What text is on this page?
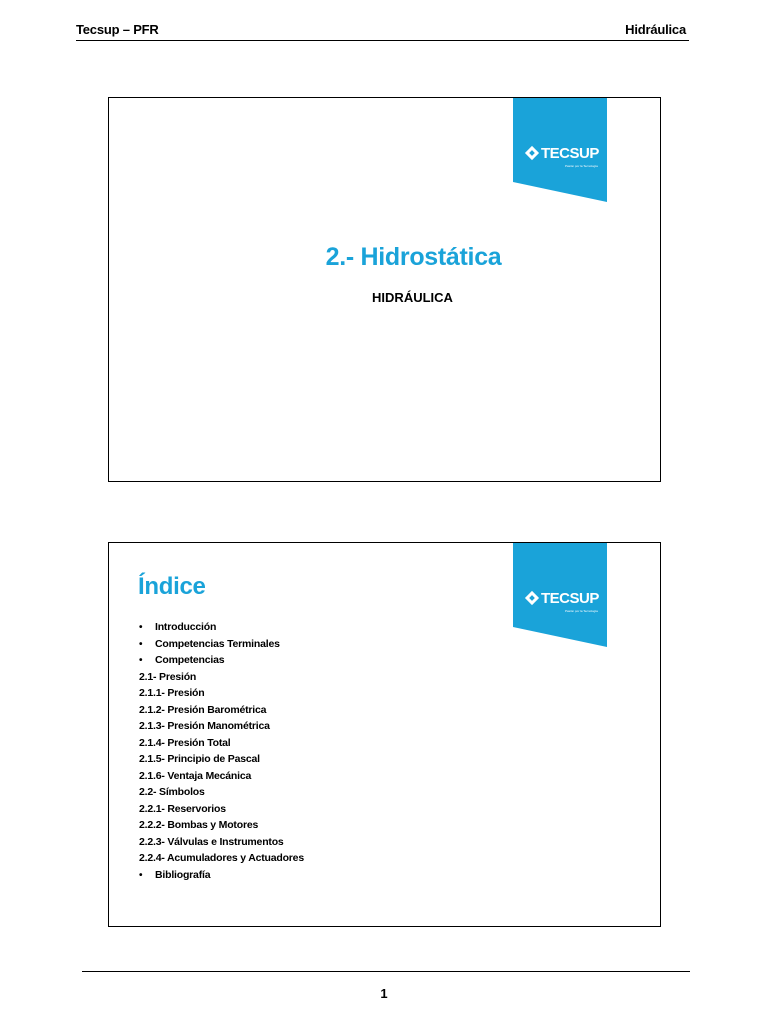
Tecsup – PFR	Hidráulica
TECSUP
Pasión por la Tecnología
2.- Hidrostática
HIDRÁULICA
TECSUP
Pasión por la Tecnología
Índice
• Introducción
• Competencias Terminales
• Competencias
2.1- Presión
2.1.1- Presión
2.1.2- Presión Barométrica
2.1.3- Presión Manométrica
2.1.4- Presión Total
2.1.5- Principio de Pascal
2.1.6- Ventaja Mecánica
2.2- Símbolos
2.2.1- Reservorios
2.2.2- Bombas y Motores
2.2.3- Válvulas e Instrumentos
2.2.4- Acumuladores y Actuadores
• Bibliografía
1
